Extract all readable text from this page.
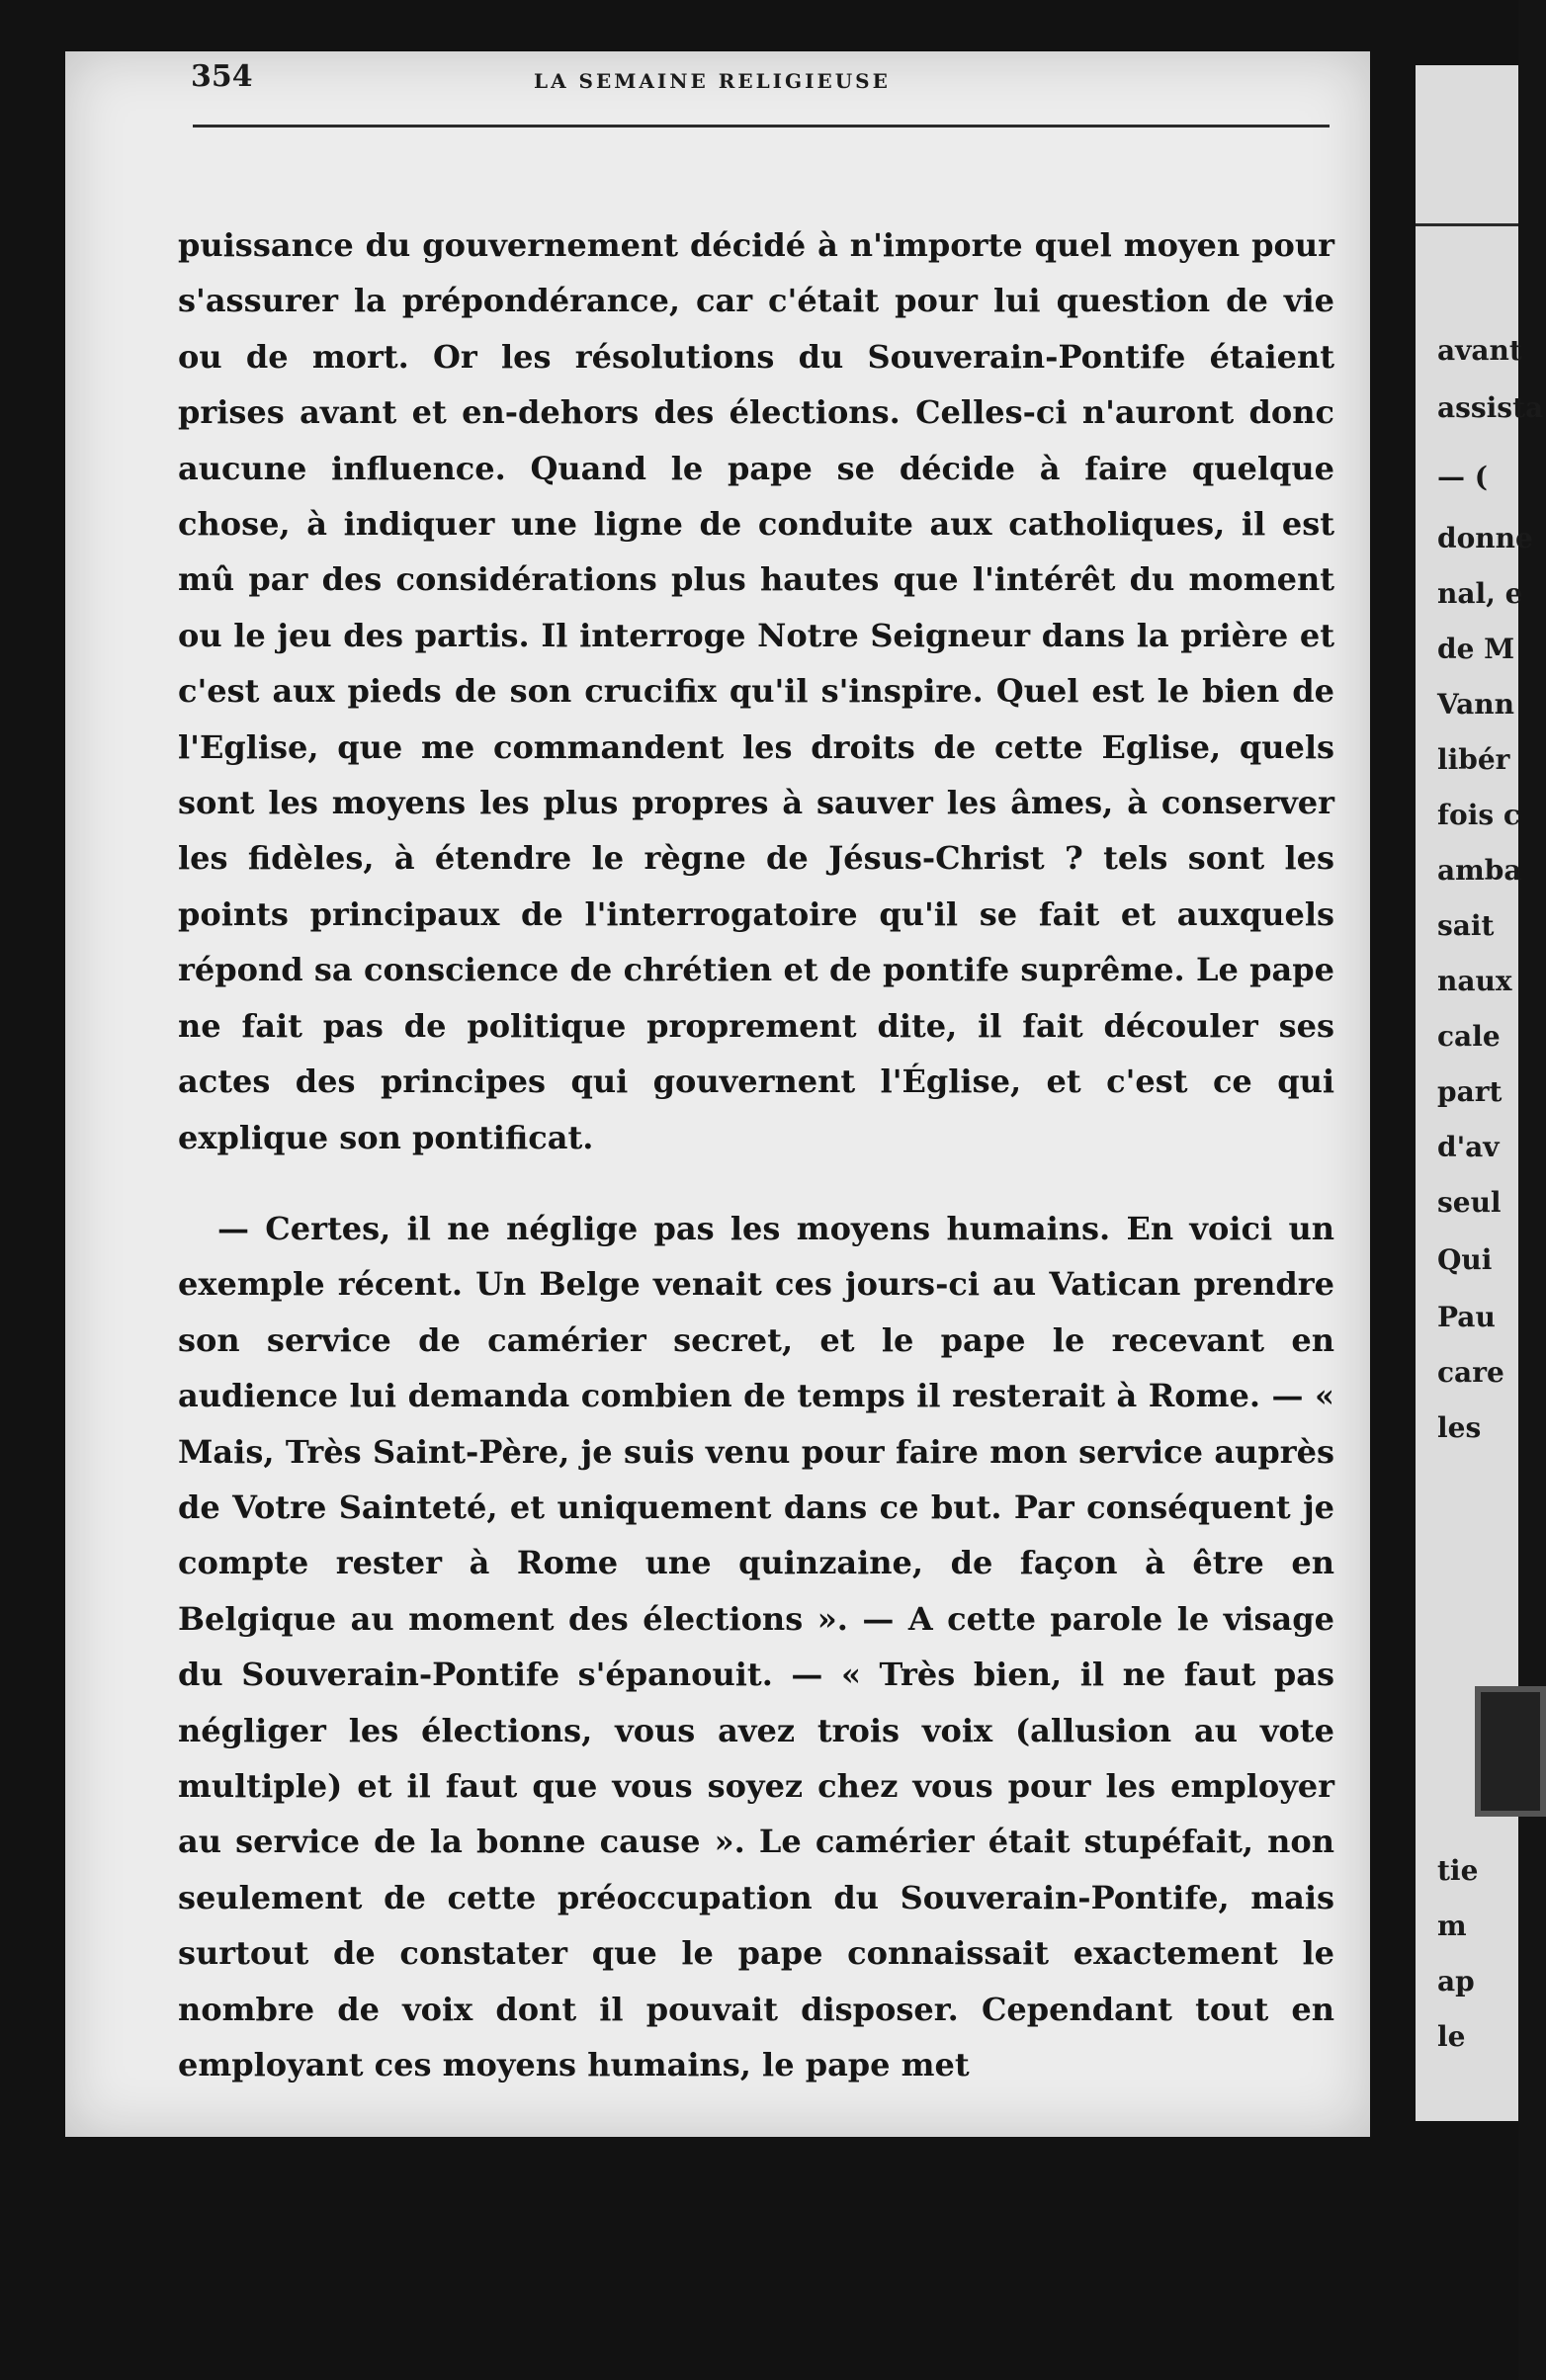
354	LA SEMAINE RELIGIEUSE

puissance du gouvernement décidé à n'importe quel moyen pour s'assurer la prépondérance, car c'était pour lui question de vie ou de mort. Or les résolutions du Souverain-Pontife étaient prises avant et en-dehors des élections. Celles-ci n'auront donc aucune influence. Quand le pape se décide à faire quelque chose, à indiquer une ligne de conduite aux catholiques, il est mû par des considérations plus hautes que l'intérêt du moment ou le jeu des partis. Il interroge Notre Seigneur dans la prière et c'est aux pieds de son crucifix qu'il s'inspire. Quel est le bien de l'Eglise, que me commandent les droits de cette Eglise, quels sont les moyens les plus propres à sauver les âmes, à conserver les fidèles, à étendre le règne de Jésus-Christ ? tels sont les points principaux de l'interrogatoire qu'il se fait et auxquels répond sa conscience de chrétien et de pontife suprême. Le pape ne fait pas de politique proprement dite, il fait découler ses actes des principes qui gouvernent l'Église, et c'est ce qui explique son pontificat.

— Certes, il ne néglige pas les moyens humains. En voici un exemple récent. Un Belge venait ces jours-ci au Vatican prendre son service de camérier secret, et le pape le recevant en audience lui demanda combien de temps il resterait à Rome. — « Mais, Très Saint-Père, je suis venu pour faire mon service auprès de Votre Sainteté, et uniquement dans ce but. Par conséquent je compte rester à Rome une quinzaine, de façon à être en Belgique au moment des élections ». — A cette parole le visage du Souverain-Pontife s'épanouit. — « Très bien, il ne faut pas négliger les élections, vous avez trois voix (allusion au vote multiple) et il faut que vous soyez chez vous pour les employer au service de la bonne cause ». Le camérier était stupéfait, non seulement de cette préoccupation du Souverain-Pontife, mais surtout de constater que le pape connaissait exactement le nombre de voix dont il pouvait disposer. Cependant tout en employant ces moyens humains, le pape met

avant
assista
— (
donne
nal, e
de M
Vann
libér
fois c
amba
sait
naux
cale
part
d'av
seul
Qui
Pau
care
les
tie
m
ap
le
